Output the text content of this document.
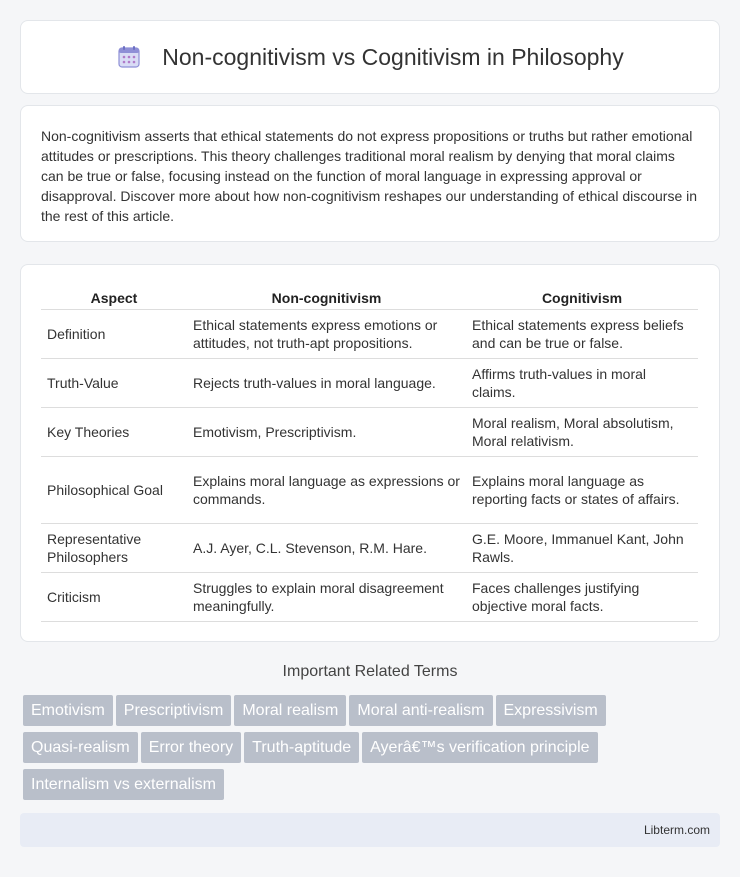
Non-cognitivism vs Cognitivism in Philosophy

Non-cognitivism asserts that ethical statements do not express propositions or truths but rather emotional attitudes or prescriptions. This theory challenges traditional moral realism by denying that moral claims can be true or false, focusing instead on the function of moral language in expressing approval or disapproval. Discover more about how non-cognitivism reshapes our understanding of ethical discourse in the rest of this article.

Aspect	Non-cognitivism	Cognitivism
Definition	Ethical statements express emotions or attitudes, not truth-apt propositions.	Ethical statements express beliefs and can be true or false.
Truth-Value	Rejects truth-values in moral language.	Affirms truth-values in moral claims.
Key Theories	Emotivism, Prescriptivism.	Moral realism, Moral absolutism, Moral relativism.
Philosophical Goal	Explains moral language as expressions or commands.	Explains moral language as reporting facts or states of affairs.
Representative Philosophers	A.J. Ayer, C.L. Stevenson, R.M. Hare.	G.E. Moore, Immanuel Kant, John Rawls.
Criticism	Struggles to explain moral disagreement meaningfully.	Faces challenges justifying objective moral facts.
Important Related Terms
Emotivism Prescriptivism Moral realism Moral anti-realism Expressivism
Quasi-realism Error theory Truth-aptitude Ayerâ€™s verification principle
Internalism vs externalism
Libterm.com
